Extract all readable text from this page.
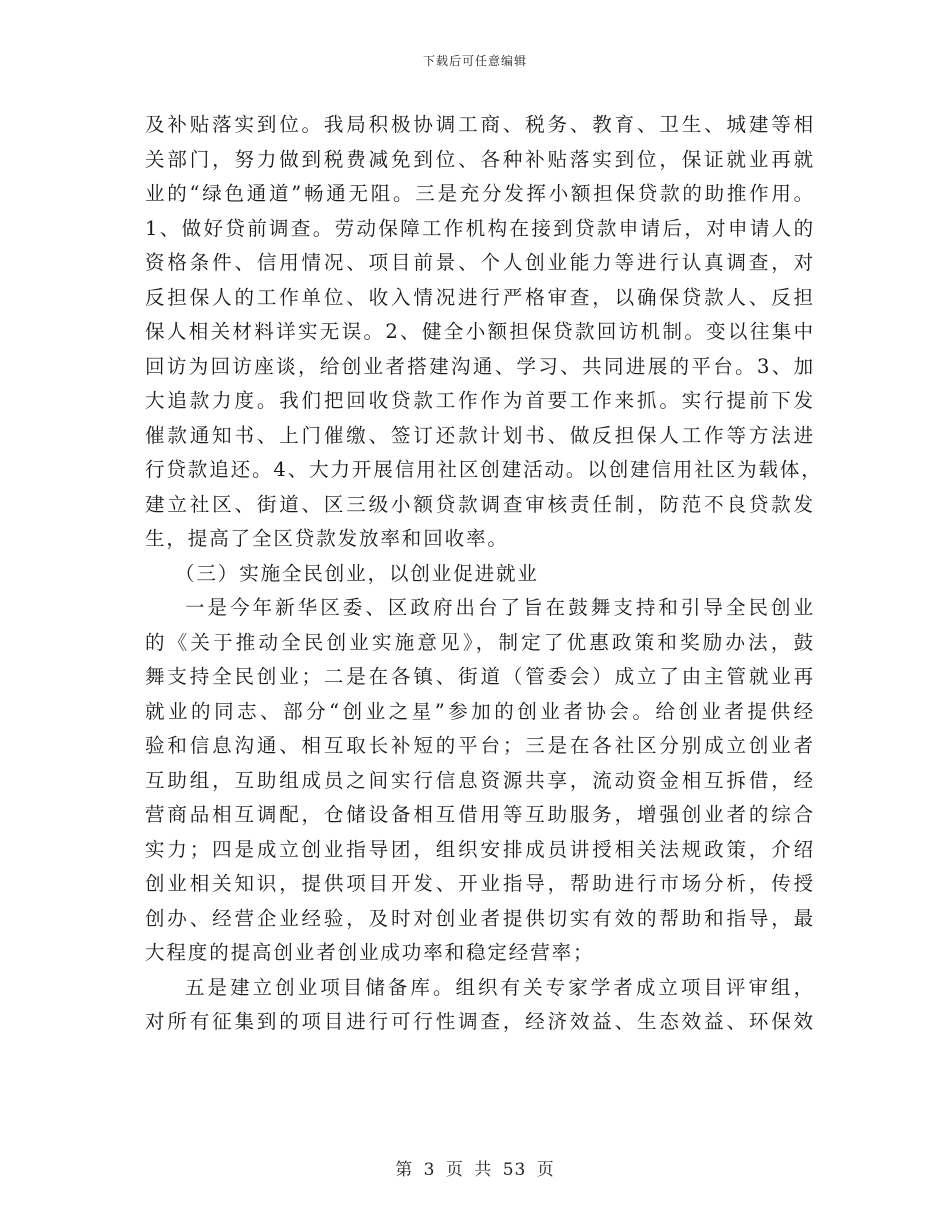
下载后可任意编辑
及补贴落实到位。我局积极协调工商、税务、教育、卫生、城建等相
关部门，努力做到税费减免到位、各种补贴落实到位，保证就业再就
业的“绿色通道”畅通无阻。三是充分发挥小额担保贷款的助推作用。
1、做好贷前调查。劳动保障工作机构在接到贷款申请后，对申请人的
资格条件、信用情况、项目前景、个人创业能力等进行认真调查，对
反担保人的工作单位、收入情况进行严格审查，以确保贷款人、反担
保人相关材料详实无误。2、健全小额担保贷款回访机制。变以往集中
回访为回访座谈，给创业者搭建沟通、学习、共同进展的平台。3、加
大追款力度。我们把回收贷款工作作为首要工作来抓。实行提前下发
催款通知书、上门催缴、签订还款计划书、做反担保人工作等方法进
行贷款追还。4、大力开展信用社区创建活动。以创建信用社区为载体，
建立社区、街道、区三级小额贷款调查审核责任制，防范不良贷款发
生，提高了全区贷款发放率和回收率。
（三）实施全民创业，以创业促进就业
一是今年新华区委、区政府出台了旨在鼓舞支持和引导全民创业
的《关于推动全民创业实施意见》，制定了优惠政策和奖励办法，鼓
舞支持全民创业；二是在各镇、街道（管委会）成立了由主管就业再
就业的同志、部分“创业之星”参加的创业者协会。给创业者提供经
验和信息沟通、相互取长补短的平台；三是在各社区分别成立创业者
互助组，互助组成员之间实行信息资源共享，流动资金相互拆借，经
营商品相互调配，仓储设备相互借用等互助服务，增强创业者的综合
实力；四是成立创业指导团，组织安排成员讲授相关法规政策，介绍
创业相关知识，提供项目开发、开业指导，帮助进行市场分析，传授
创办、经营企业经验，及时对创业者提供切实有效的帮助和指导，最
大程度的提高创业者创业成功率和稳定经营率；
五是建立创业项目储备库。组织有关专家学者成立项目评审组，
对所有征集到的项目进行可行性调查，经济效益、生态效益、环保效
第 3 页 共 53 页
